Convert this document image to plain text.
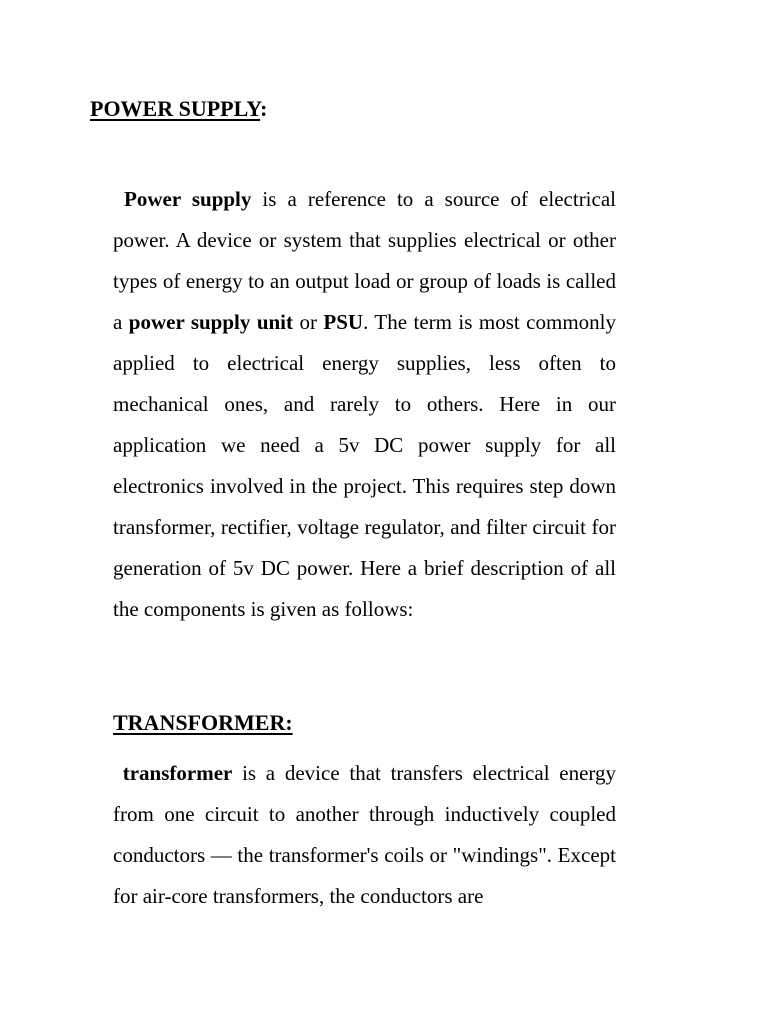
POWER SUPPLY:

Power supply is a reference to a source of electrical power. A device or system that supplies electrical or other types of energy to an output load or group of loads is called a power supply unit or PSU. The term is most commonly applied to electrical energy supplies, less often to mechanical ones, and rarely to others. Here in our application we need a 5v DC power supply for all electronics involved in the project. This requires step down transformer, rectifier, voltage regulator, and filter circuit for generation of 5v DC power. Here a brief description of all the components is given as follows:

TRANSFORMER:

transformer is a device that transfers electrical energy from one circuit to another through inductively coupled conductors — the transformer's coils or "windings". Except for air-core transformers, the conductors are
